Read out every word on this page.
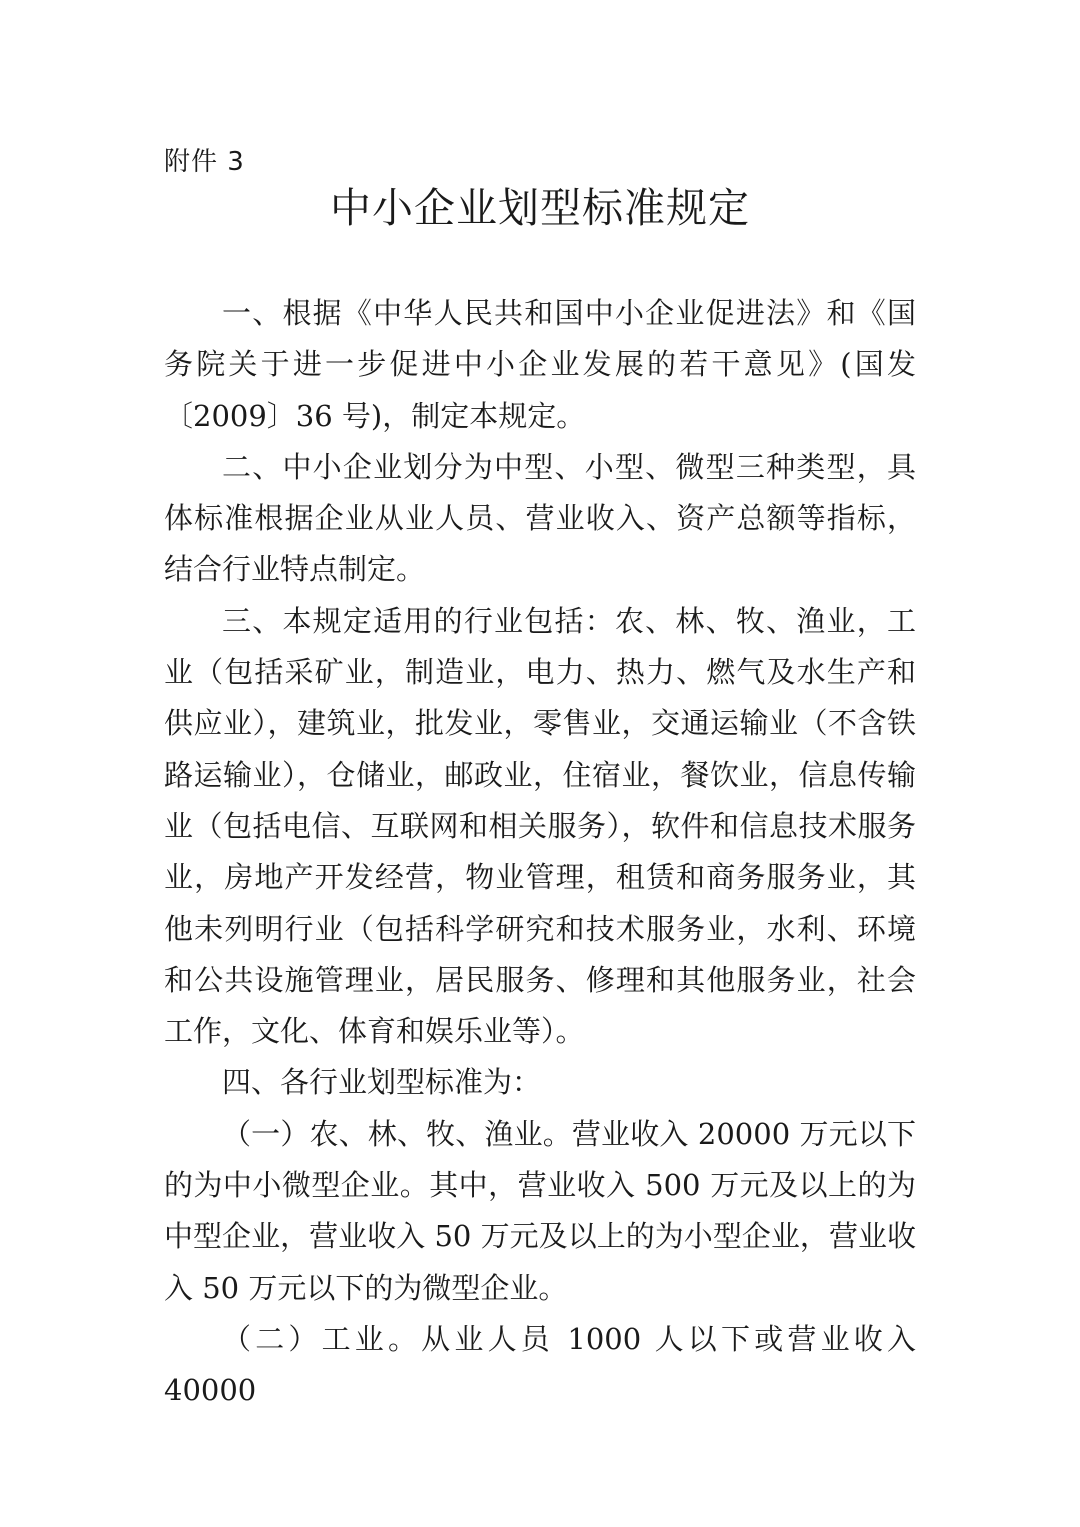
附件 3
中小企业划型标准规定

一、根据《中华人民共和国中小企业促进法》和《国务院关于进一步促进中小企业发展的若干意见》(国发〔2009〕36 号)，制定本规定。

二、中小企业划分为中型、小型、微型三种类型，具体标准根据企业从业人员、营业收入、资产总额等指标，结合行业特点制定。

三、本规定适用的行业包括：农、林、牧、渔业，工业（包括采矿业，制造业，电力、热力、燃气及水生产和供应业），建筑业，批发业，零售业，交通运输业（不含铁路运输业），仓储业，邮政业，住宿业，餐饮业，信息传输业（包括电信、互联网和相关服务），软件和信息技术服务业，房地产开发经营，物业管理，租赁和商务服务业，其他未列明行业（包括科学研究和技术服务业，水利、环境和公共设施管理业，居民服务、修理和其他服务业，社会工作，文化、体育和娱乐业等）。

四、各行业划型标准为：

（一）农、林、牧、渔业。营业收入 20000 万元以下的为中小微型企业。其中，营业收入 500 万元及以上的为中型企业，营业收入 50 万元及以上的为小型企业，营业收入 50 万元以下的为微型企业。

（二）工业。从业人员 1000 人以下或营业收入 40000
